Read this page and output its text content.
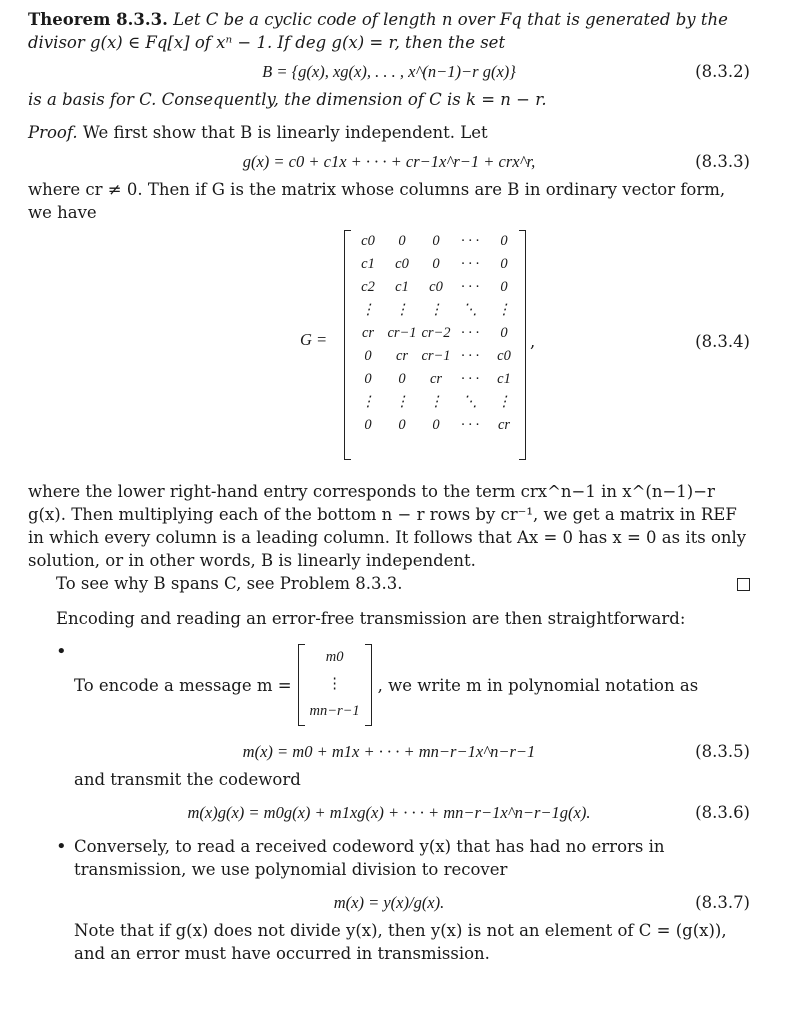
Theorem 8.3.3. Let C be a cyclic code of length n over Fq that is generated by the divisor g(x) ∈ Fq[x] of xⁿ − 1. If deg g(x) = r, then the set

B = {g(x), xg(x), . . . , x^(n−1)−r g(x)}	(8.3.2)

is a basis for C. Consequently, the dimension of C is k = n − r.

Proof. We first show that B is linearly independent. Let

g(x) = c0 + c1x + · · · + cr−1x^r−1 + crx^r,	(8.3.3)

where cr ≠ 0. Then if G is the matrix whose columns are B in ordinary vector form, we have

G =
c0	0	0	· · ·	0
c1	c0	0	· · ·	0
c2	c1	c0	· · ·	0
⋮	⋮	⋮	⋱	⋮
cr	cr−1	cr−2	· · ·	0
0	cr	cr−1	· · ·	c0
0	0	cr	· · ·	c1
⋮	⋮	⋮	⋱	⋮
0	0	0	· · ·	cr
,	(8.3.4)

where the lower right-hand entry corresponds to the term crx^n−1 in x^(n−1)−r g(x). Then multiplying each of the bottom n − r rows by cr⁻¹, we get a matrix in REF in which every column is a leading column. It follows that Ax = 0 has x = 0 as its only solution, or in other words, B is linearly independent.

To see why B spans C, see Problem 8.3.3.

Encoding and reading an error-free transmission are then straightforward:

• To encode a message m =
m0
⋮
mn−r−1
, we write m in polynomial notation as
m(x) = m0 + m1x + · · · + mn−r−1x^n−r−1	(8.3.5)

and transmit the codeword

m(x)g(x) = m0g(x) + m1xg(x) + · · · + mn−r−1x^n−r−1g(x).	(8.3.6)

• Conversely, to read a received codeword y(x) that has had no errors in transmission, we use polynomial division to recover

m(x) = y(x)/g(x).	(8.3.7)

Note that if g(x) does not divide y(x), then y(x) is not an element of C = (g(x)), and an error must have occurred in transmission.
